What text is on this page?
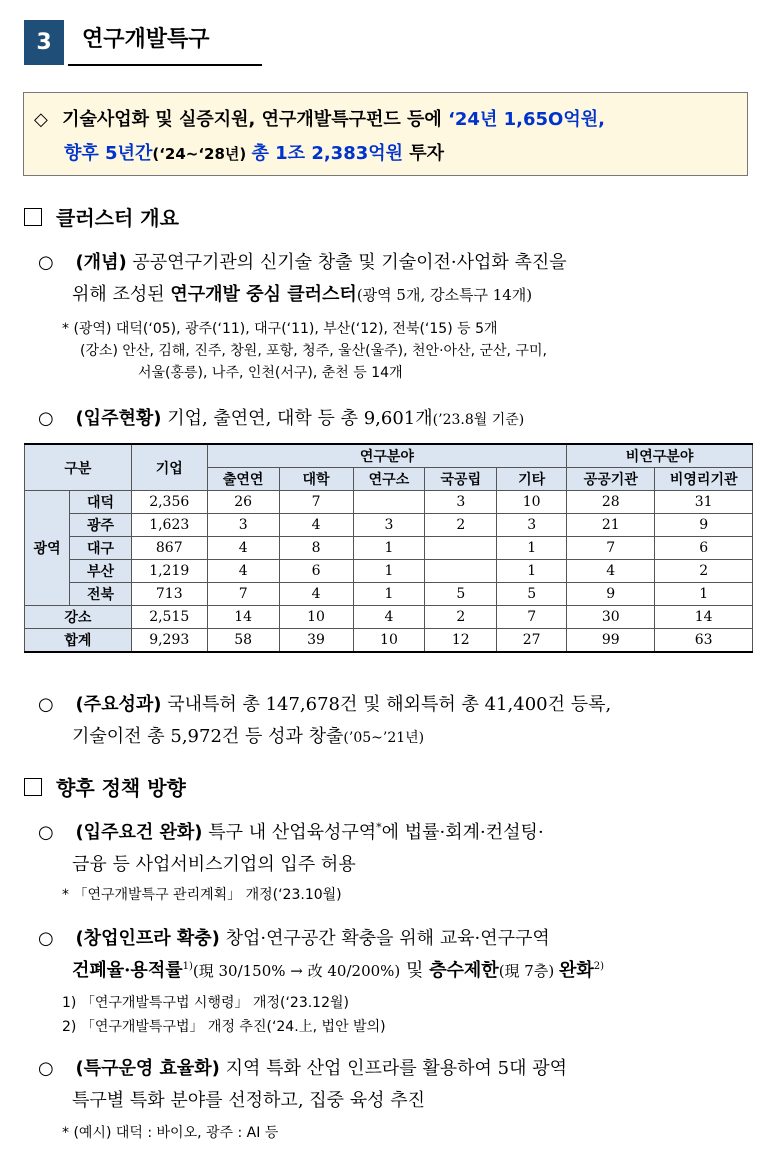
3	연구개발특구
◇ 기술사업화 및 실증지원, 연구개발특구펀드 등에 ‘24년 1,65O억원,
향후 5년간(‘24~‘28년) 총 1조 2,383억원 투자
클러스터 개요
○ (개념) 공공연구기관의 신기술 창출 및 기술이전·사업화 촉진을
위해 조성된 연구개발 중심 클러스터(광역 5개, 강소특구 14개)
* (광역) 대덕(‘05), 광주(‘11), 대구(‘11), 부산(‘12), 전북(‘15) 등 5개
(강소) 안산, 김해, 진주, 창원, 포항, 청주, 울산(울주), 천안·아산, 군산, 구미,
서울(홍릉), 나주, 인천(서구), 춘천 등 14개
○ (입주현황) 기업, 출연연, 대학 등 총 9,601개(’23.8월 기준)
구분		기업	연구분야					비연구분야	
			출연연	대학	연구소	국공립	기타	공공기관	비영리기관
광역	대덕	2,356	26	7		3	10	28	31
	광주	1,623	3	4	3	2	3	21	9
	대구	867	4	8	1		1	7	6
	부산	1,219	4	6	1		1	4	2
	전북	713	7	4	1	5	5	9	1
강소		2,515	14	10	4	2	7	30	14
합계		9,293	58	39	10	12	27	99	63
○ (주요성과) 국내특허 총 147,678건 및 해외특허 총 41,400건 등록,
기술이전 총 5,972건 등 성과 창출(’05~’21년)
향후 정책 방향
○ (입주요건 완화) 특구 내 산업육성구역*에 법률·회계·컨설팅·
금융 등 사업서비스기업의 입주 허용
* 「연구개발특구 관리계획」 개정(‘23.10월)
○ (창업인프라 확충) 창업·연구공간 확충을 위해 교육·연구구역
건폐율·용적률$^{1)}$(現 30/150% → 改 40/200%) 및 층수제한(現 7층) 완화$^{2)}$
1) 「연구개발특구법 시행령」 개정(‘23.12월)
2) 「연구개발특구법」 개정 추진(‘24.上, 법안 발의)
○ (특구운영 효율화) 지역 특화 산업 인프라를 활용하여 5대 광역
특구별 특화 분야를 선정하고, 집중 육성 추진
* (예시) 대덕 : 바이오, 광주 : AI 등
